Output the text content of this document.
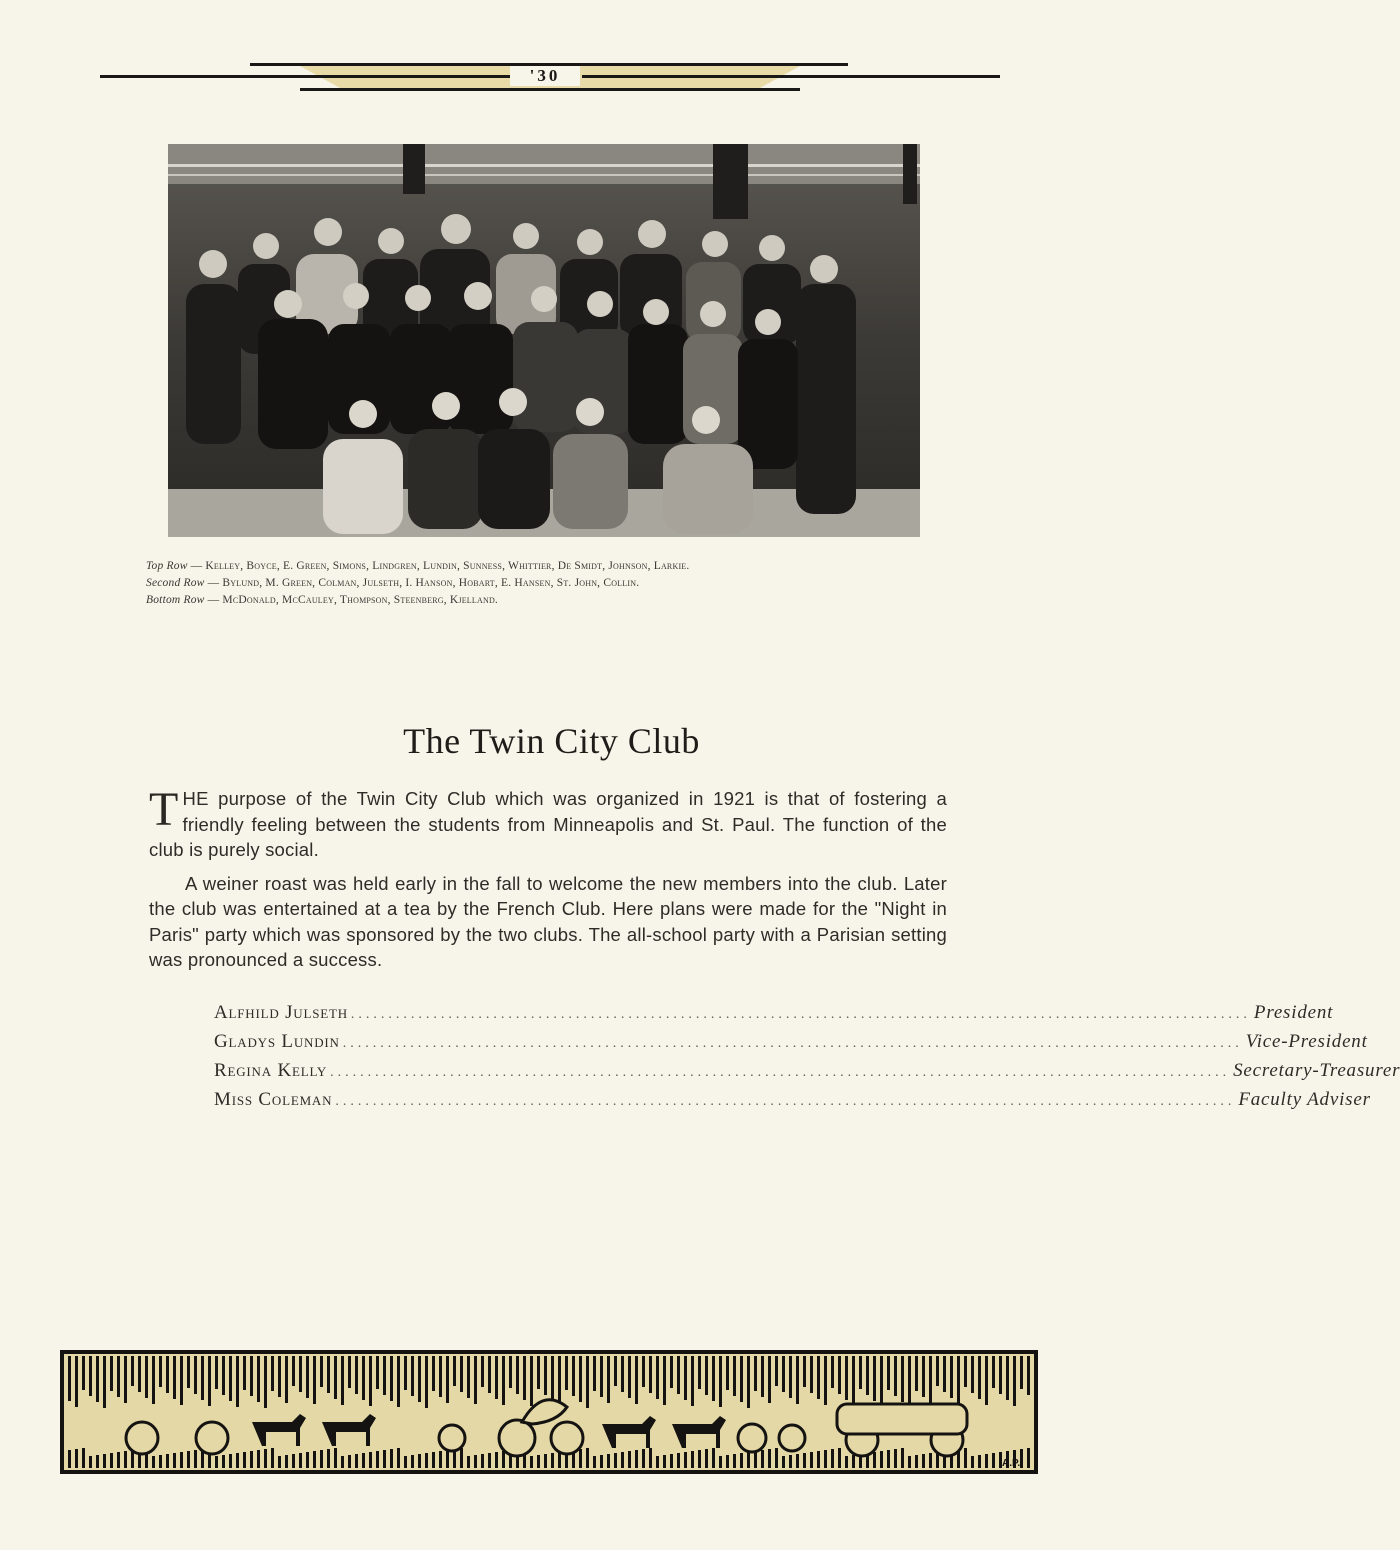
'30
Top Row — Kelley, Boyce, E. Green, Simons, Lindgren, Lundin, Sunness, Whittier, De Smidt, Johnson, Larkie.
Second Row — Bylund, M. Green, Colman, Julseth, I. Hanson, Hobart, E. Hansen, St. John, Collin.
Bottom Row — McDonald, McCauley, Thompson, Steenberg, Kjelland.
The Twin City Club

THE purpose of the Twin City Club which was organized in 1921 is that of fostering a friendly feeling between the students from Minneapolis and St. Paul. The function of the club is purely social.

A weiner roast was held early in the fall to welcome the new members into the club. Later the club was entertained at a tea by the French Club. Here plans were made for the "Night in Paris" party which was sponsored by the two clubs. The all-school party with a Parisian setting was pronounced a success.

Alfhild Julseth ........................................................................................................................ President
Gladys Lundin ........................................................................................................................ Vice-President
Regina Kelly ........................................................................................................................ Secretary-Treasurer
Miss Coleman ........................................................................................................................ Faculty Adviser
A.P.
